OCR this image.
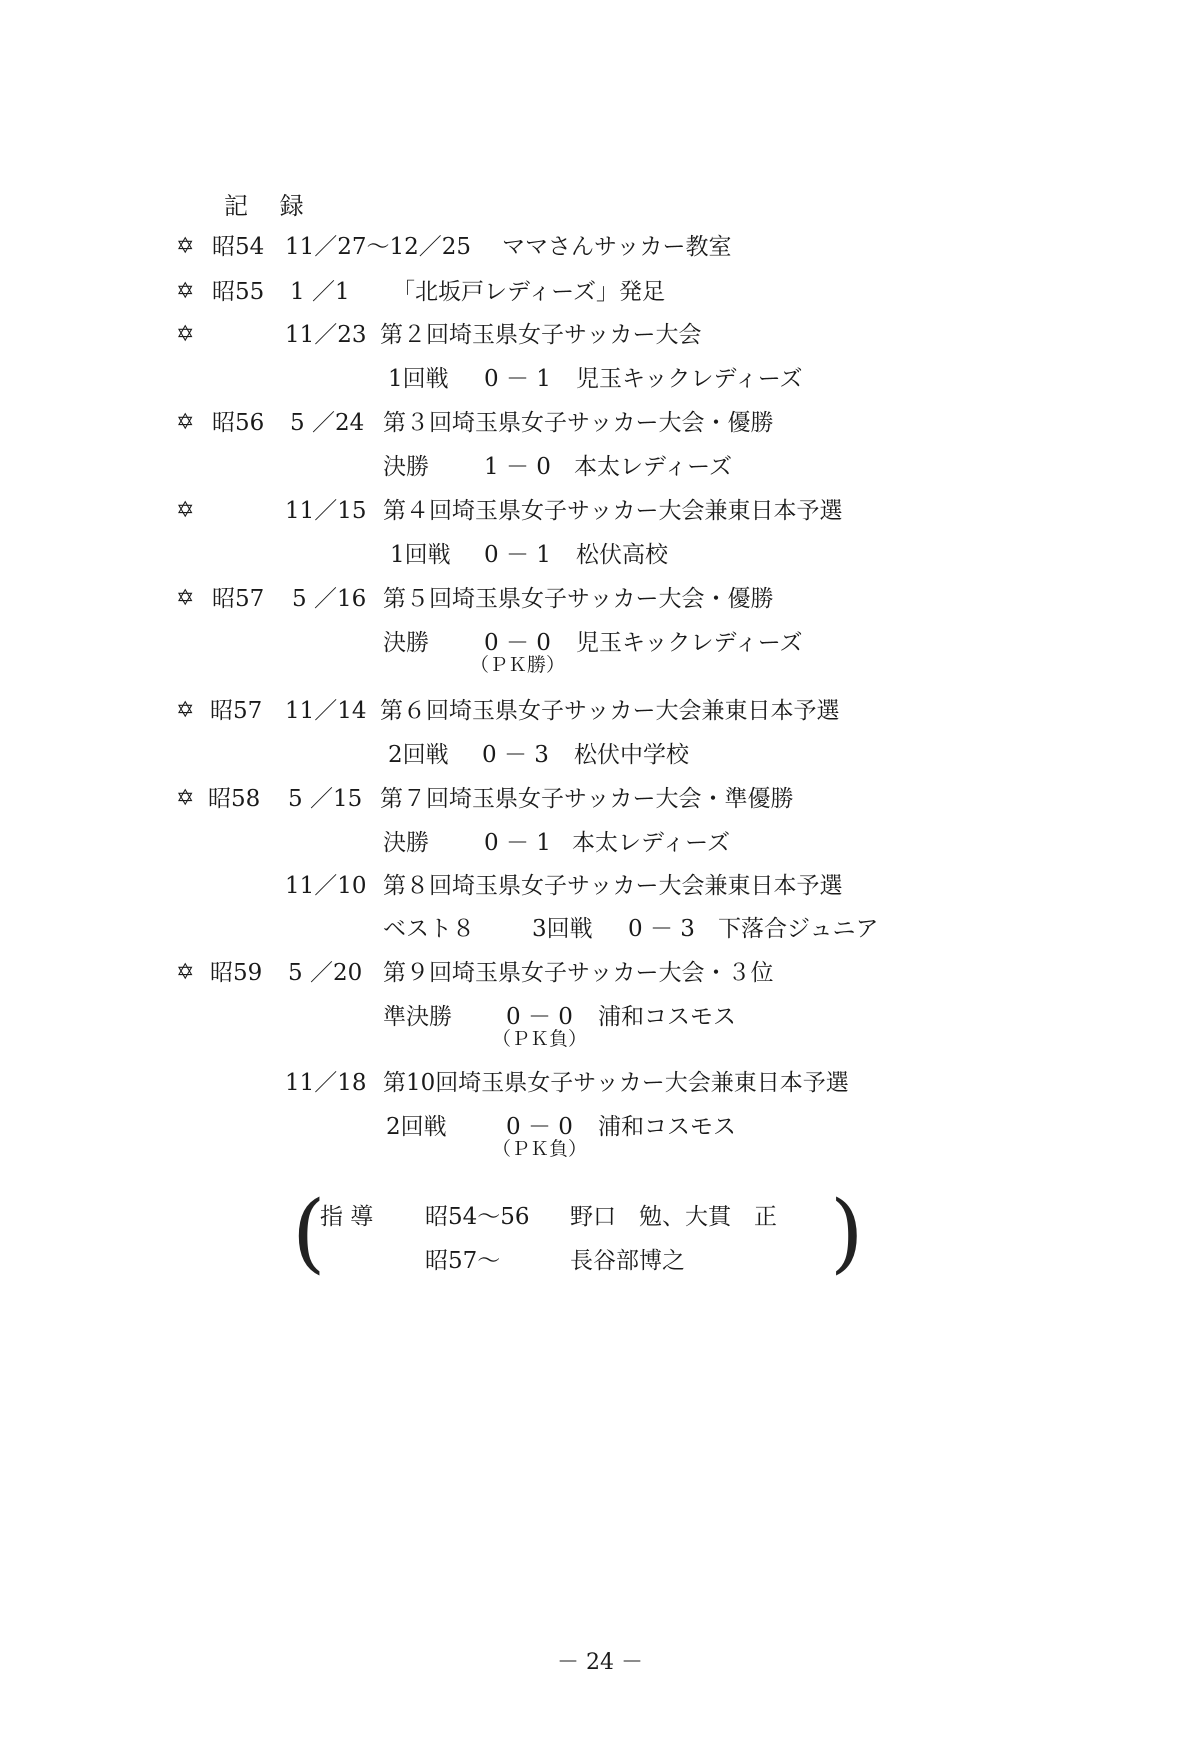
記 録
✡ 昭54 11／27～12／25 ママさんサッカー教室
✡ 昭55 1 ／1 「北坂戸レディーズ」発足
✡	11／23 第２回埼玉県女子サッカー大会
1回戦 0 － 1 児玉キックレディーズ
✡ 昭56 5 ／24 第３回埼玉県女子サッカー大会・優勝
決勝 1 － 0 本太レディーズ
✡	11／15 第４回埼玉県女子サッカー大会兼東日本予選
1回戦 0 － 1 松伏高校
✡ 昭57 5 ／16 第５回埼玉県女子サッカー大会・優勝
決勝 0 － 0 児玉キックレディーズ
（ＰＫ勝）
✡ 昭57 11／14 第６回埼玉県女子サッカー大会兼東日本予選
2回戦 0 － 3 松伏中学校
✡ 昭58 5 ／15 第７回埼玉県女子サッカー大会・準優勝
決勝 0 － 1 本太レディーズ
11／10 第８回埼玉県女子サッカー大会兼東日本予選
ベスト８ 3回戦 0 － 3 下落合ジュニア
✡ 昭59 5 ／20 第９回埼玉県女子サッカー大会・３位
準決勝 0 － 0 浦和コスモス
（ＰＫ負）
11／18 第10回埼玉県女子サッカー大会兼東日本予選
2回戦	0 － 0 浦和コスモス
（ＰＫ負）
(	)
指 導 昭54～56 野口　勉、大貫　正
昭57～	長谷部博之
－ 24 －
